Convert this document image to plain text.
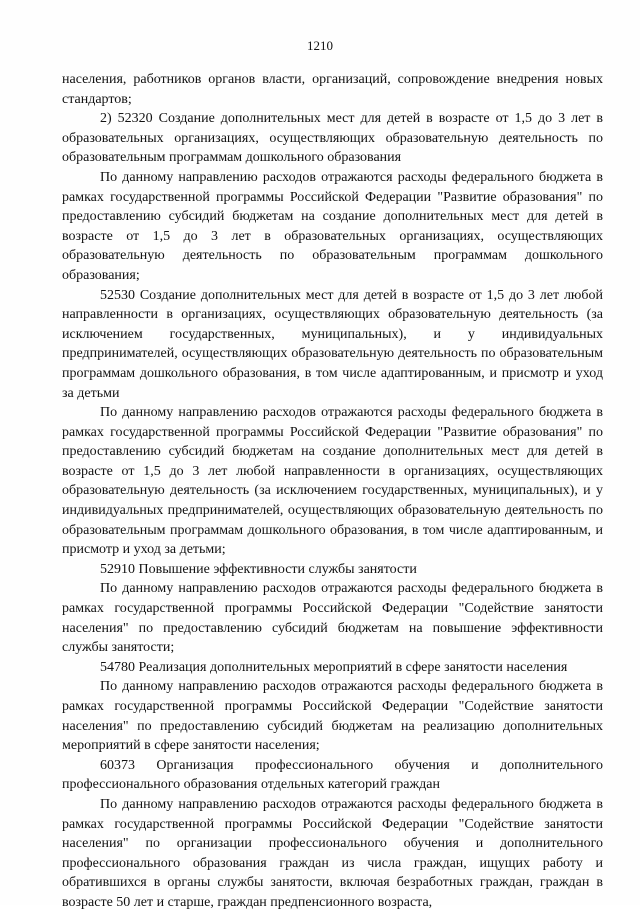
1210

населения, работников органов власти, организаций, сопровождение внедрения новых стандартов;

2) 52320 Создание дополнительных мест для детей в возрасте от 1,5 до 3 лет в образовательных организациях, осуществляющих образовательную деятельность по образовательным программам дошкольного образования

По данному направлению расходов отражаются расходы федерального бюджета в рамках государственной программы Российской Федерации "Развитие образования" по предоставлению субсидий бюджетам на создание дополнительных мест для детей в возрасте от 1,5 до 3 лет в образовательных организациях, осуществляющих образовательную деятельность по образовательным программам дошкольного образования;

52530 Создание дополнительных мест для детей в возрасте от 1,5 до 3 лет любой направленности в организациях, осуществляющих образовательную деятельность (за исключением государственных, муниципальных), и у индивидуальных предпринимателей, осуществляющих образовательную деятельность по образовательным программам дошкольного образования, в том числе адаптированным, и присмотр и уход за детьми

По данному направлению расходов отражаются расходы федерального бюджета в рамках государственной программы Российской Федерации "Развитие образования" по предоставлению субсидий бюджетам на создание дополнительных мест для детей в возрасте от 1,5 до 3 лет любой направленности в организациях, осуществляющих образовательную деятельность (за исключением государственных, муниципальных), и у индивидуальных предпринимателей, осуществляющих образовательную деятельность по образовательным программам дошкольного образования, в том числе адаптированным, и присмотр и уход за детьми;

52910 Повышение эффективности службы занятости

По данному направлению расходов отражаются расходы федерального бюджета в рамках государственной программы Российской Федерации "Содействие занятости населения" по предоставлению субсидий бюджетам на повышение эффективности службы занятости;

54780 Реализация дополнительных мероприятий в сфере занятости населения

По данному направлению расходов отражаются расходы федерального бюджета в рамках государственной программы Российской Федерации "Содействие занятости населения" по предоставлению субсидий бюджетам на реализацию дополнительных мероприятий в сфере занятости населения;

60373 Организация профессионального обучения и дополнительного профессионального образования отдельных категорий граждан

По данному направлению расходов отражаются расходы федерального бюджета в рамках государственной программы Российской Федерации "Содействие занятости населения" по организации профессионального обучения и дополнительного профессионального образования граждан из числа граждан, ищущих работу и обратившихся в органы службы занятости, включая безработных граждан, граждан в возрасте 50 лет и старше, граждан предпенсионного возраста,
